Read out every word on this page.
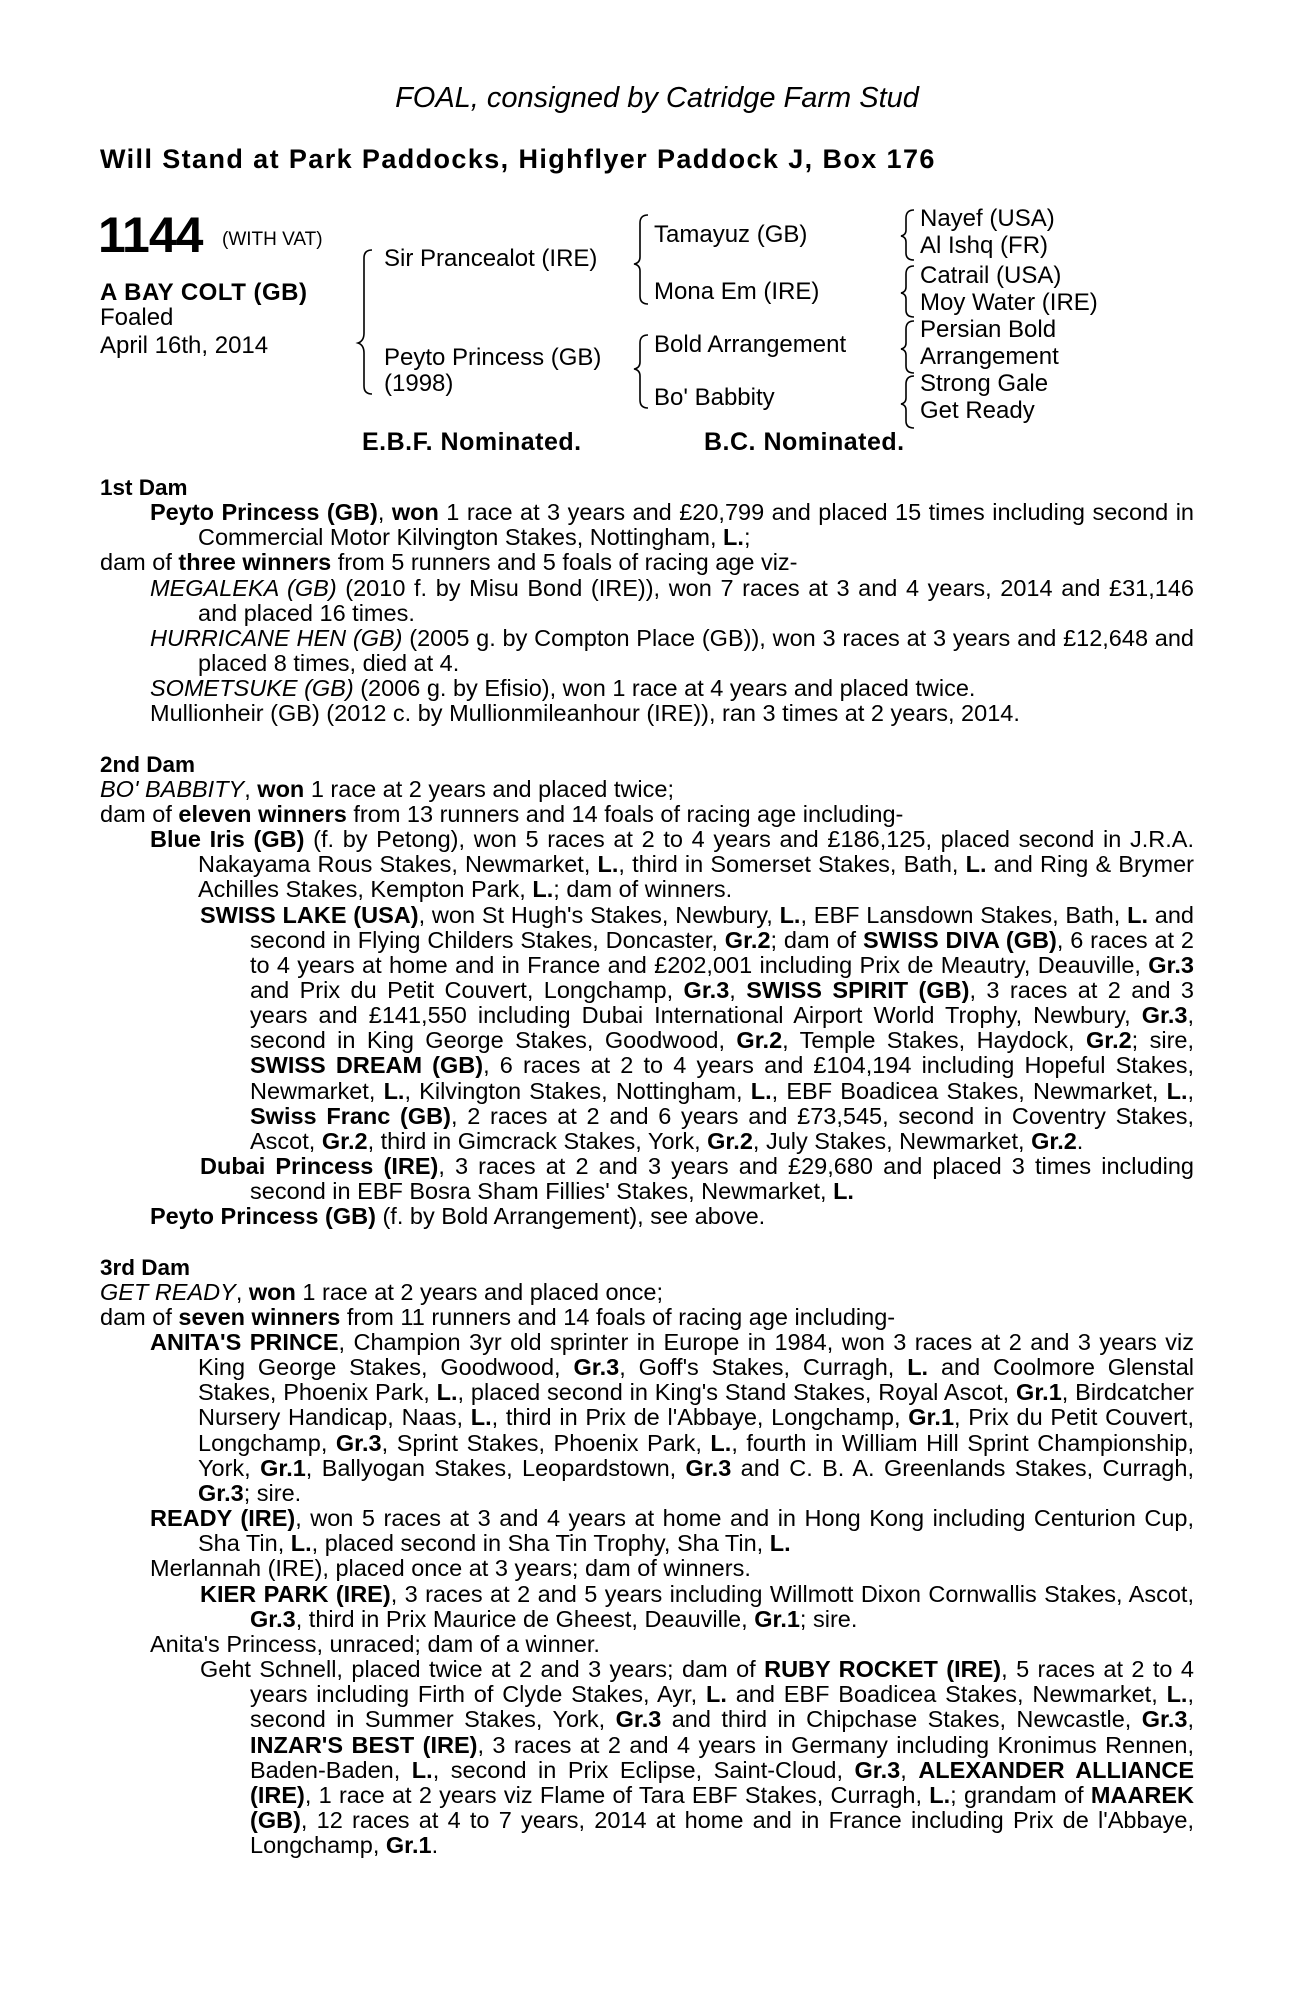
FOAL, consigned by Catridge Farm Stud
Will Stand at Park Paddocks, Highflyer Paddock J, Box 176
1144 (WITH VAT)
A BAY COLT (GB)
Foaled
April 16th, 2014
Sir Prancealot (IRE)
Peyto Princess (GB)
(1998)
Tamayuz (GB)
Mona Em (IRE)
Bold Arrangement
Bo' Babbity
Nayef (USA)
Al Ishq (FR)
Catrail (USA)
Moy Water (IRE)
Persian Bold
Arrangement
Strong Gale
Get Ready
E.B.F. Nominated.	B.C. Nominated.

1st Dam

Peyto Princess (GB), won 1 race at 3 years and £20,799 and placed 15 times including second in Commercial Motor Kilvington Stakes, Nottingham, L.;

dam of three winners from 5 runners and 5 foals of racing age viz-

MEGALEKA (GB) (2010 f. by Misu Bond (IRE)), won 7 races at 3 and 4 years, 2014 and £31,146 and placed 16 times.

HURRICANE HEN (GB) (2005 g. by Compton Place (GB)), won 3 races at 3 years and £12,648 and placed 8 times, died at 4.

SOMETSUKE (GB) (2006 g. by Efisio), won 1 race at 4 years and placed twice.

Mullionheir (GB) (2012 c. by Mullionmileanhour (IRE)), ran 3 times at 2 years, 2014.

2nd Dam

BO' BABBITY, won 1 race at 2 years and placed twice;

dam of eleven winners from 13 runners and 14 foals of racing age including-

Blue Iris (GB) (f. by Petong), won 5 races at 2 to 4 years and £186,125, placed second in J.R.A. Nakayama Rous Stakes, Newmarket, L., third in Somerset Stakes, Bath, L. and Ring & Brymer Achilles Stakes, Kempton Park, L.; dam of winners.

SWISS LAKE (USA), won St Hugh's Stakes, Newbury, L., EBF Lansdown Stakes, Bath, L. and second in Flying Childers Stakes, Doncaster, Gr.2; dam of SWISS DIVA (GB), 6 races at 2 to 4 years at home and in France and £202,001 including Prix de Meautry, Deauville, Gr.3 and Prix du Petit Couvert, Longchamp, Gr.3, SWISS SPIRIT (GB), 3 races at 2 and 3 years and £141,550 including Dubai International Airport World Trophy, Newbury, Gr.3, second in King George Stakes, Goodwood, Gr.2, Temple Stakes, Haydock, Gr.2; sire, SWISS DREAM (GB), 6 races at 2 to 4 years and £104,194 including Hopeful Stakes, Newmarket, L., Kilvington Stakes, Nottingham, L., EBF Boadicea Stakes, Newmarket, L., Swiss Franc (GB), 2 races at 2 and 6 years and £73,545, second in Coventry Stakes, Ascot, Gr.2, third in Gimcrack Stakes, York, Gr.2, July Stakes, Newmarket, Gr.2.

Dubai Princess (IRE), 3 races at 2 and 3 years and £29,680 and placed 3 times including second in EBF Bosra Sham Fillies' Stakes, Newmarket, L.

Peyto Princess (GB) (f. by Bold Arrangement), see above.

3rd Dam

GET READY, won 1 race at 2 years and placed once;

dam of seven winners from 11 runners and 14 foals of racing age including-

ANITA'S PRINCE, Champion 3yr old sprinter in Europe in 1984, won 3 races at 2 and 3 years viz King George Stakes, Goodwood, Gr.3, Goff's Stakes, Curragh, L. and Coolmore Glenstal Stakes, Phoenix Park, L., placed second in King's Stand Stakes, Royal Ascot, Gr.1, Birdcatcher Nursery Handicap, Naas, L., third in Prix de l'Abbaye, Longchamp, Gr.1, Prix du Petit Couvert, Longchamp, Gr.3, Sprint Stakes, Phoenix Park, L., fourth in William Hill Sprint Championship, York, Gr.1, Ballyogan Stakes, Leopardstown, Gr.3 and C. B. A. Greenlands Stakes, Curragh, Gr.3; sire.

READY (IRE), won 5 races at 3 and 4 years at home and in Hong Kong including Centurion Cup, Sha Tin, L., placed second in Sha Tin Trophy, Sha Tin, L.

Merlannah (IRE), placed once at 3 years; dam of winners.

KIER PARK (IRE), 3 races at 2 and 5 years including Willmott Dixon Cornwallis Stakes, Ascot, Gr.3, third in Prix Maurice de Gheest, Deauville, Gr.1; sire.

Anita's Princess, unraced; dam of a winner.

Geht Schnell, placed twice at 2 and 3 years; dam of RUBY ROCKET (IRE), 5 races at 2 to 4 years including Firth of Clyde Stakes, Ayr, L. and EBF Boadicea Stakes, Newmarket, L., second in Summer Stakes, York, Gr.3 and third in Chipchase Stakes, Newcastle, Gr.3, INZAR'S BEST (IRE), 3 races at 2 and 4 years in Germany including Kronimus Rennen, Baden-Baden, L., second in Prix Eclipse, Saint-Cloud, Gr.3, ALEXANDER ALLIANCE (IRE), 1 race at 2 years viz Flame of Tara EBF Stakes, Curragh, L.; grandam of MAAREK (GB), 12 races at 4 to 7 years, 2014 at home and in France including Prix de l'Abbaye, Longchamp, Gr.1.
